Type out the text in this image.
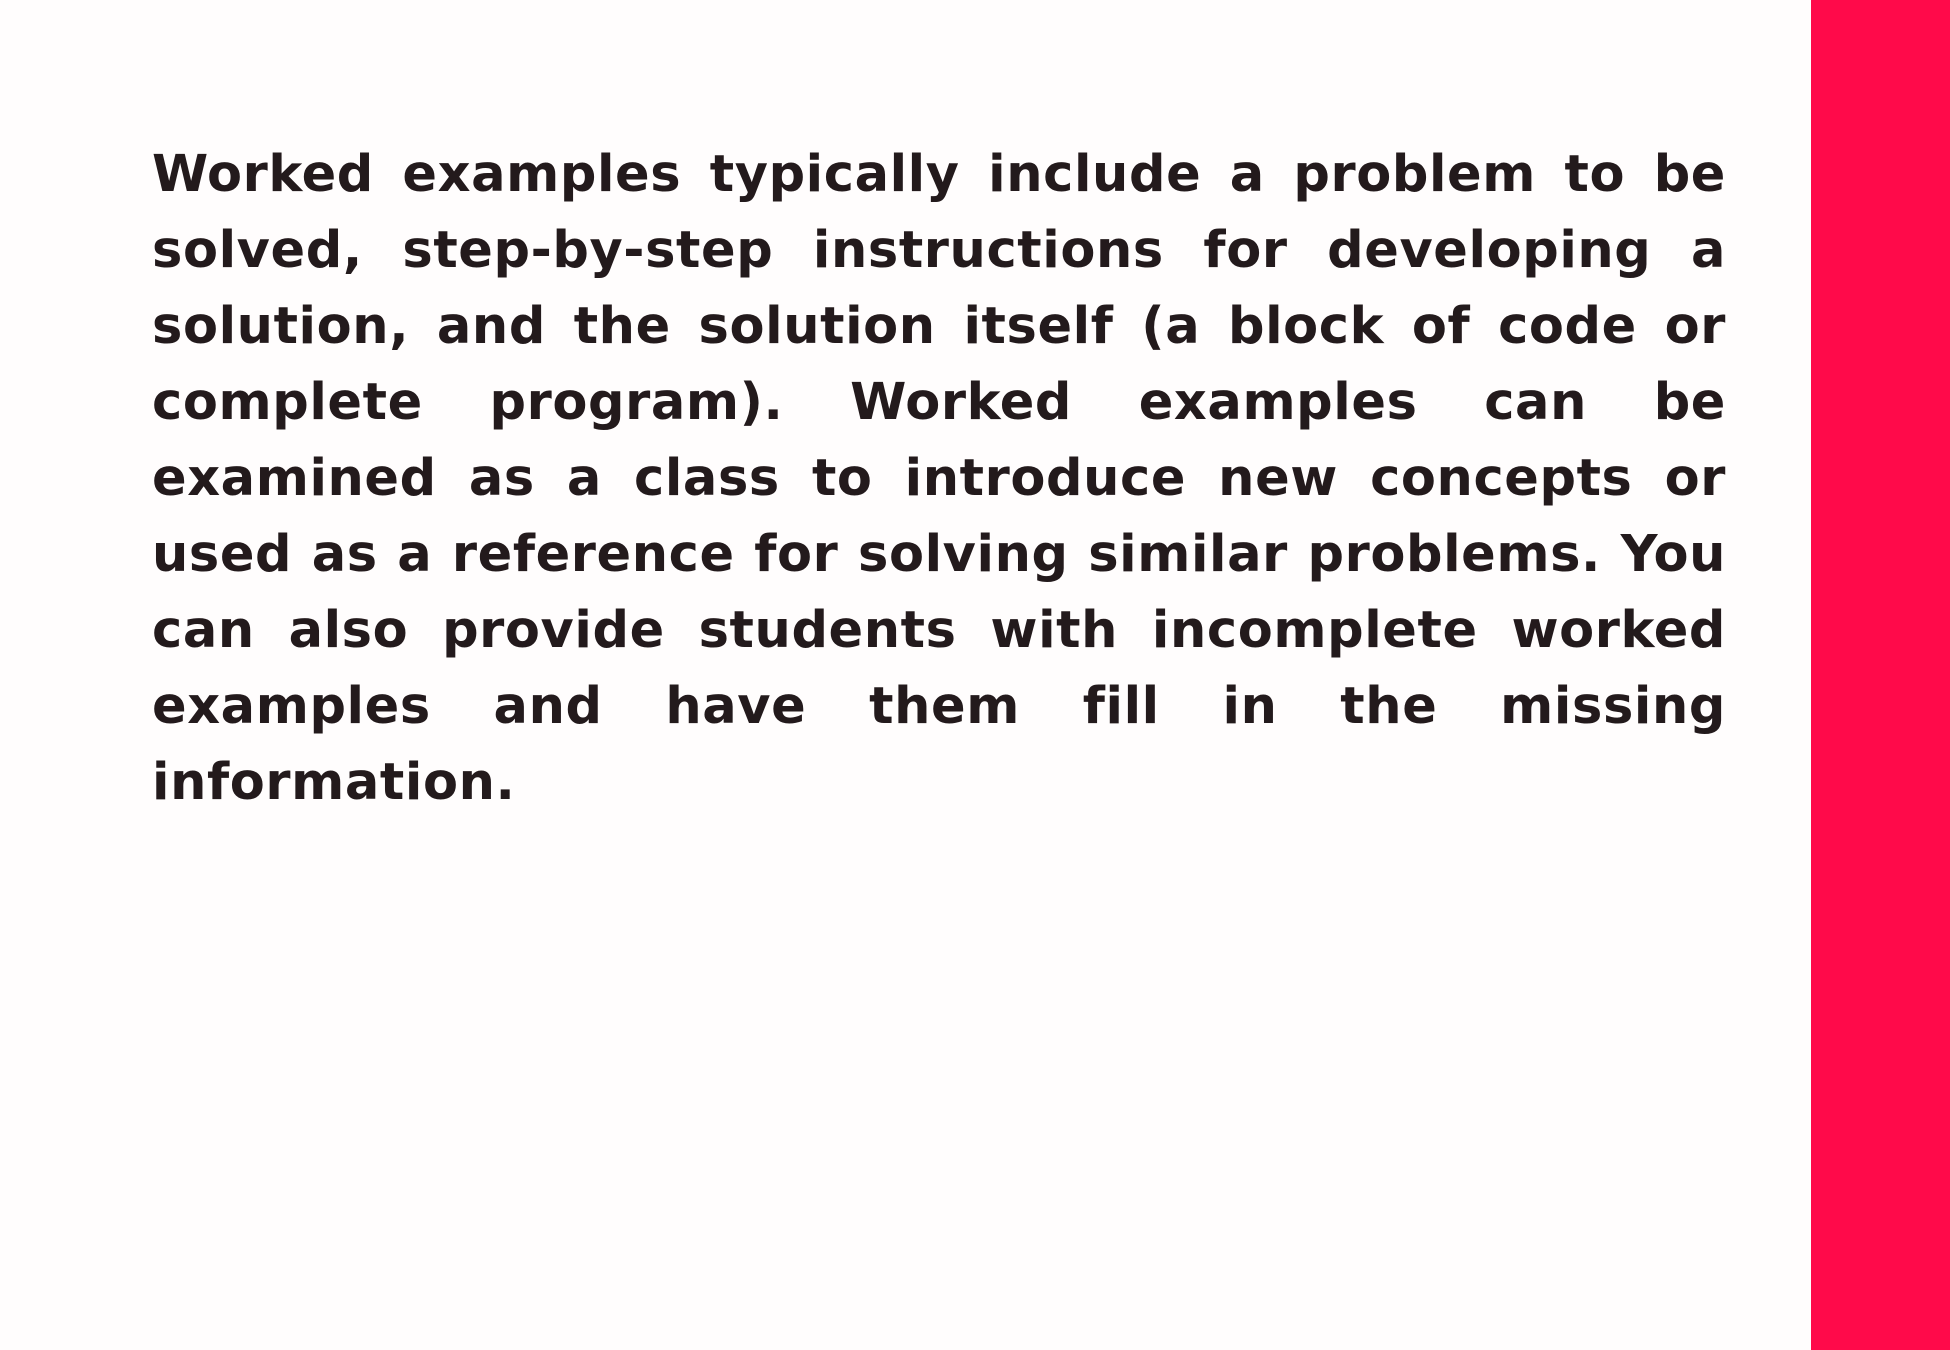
Worked examples typically include a problem to be solved, step-by-step instructions for developing a solution, and the solution itself (a block of code or complete program). Worked examples can be examined as a class to introduce new concepts or used as a reference for solving similar problems. You can also provide students with incomplete worked examples and have them fill in the missing information.
